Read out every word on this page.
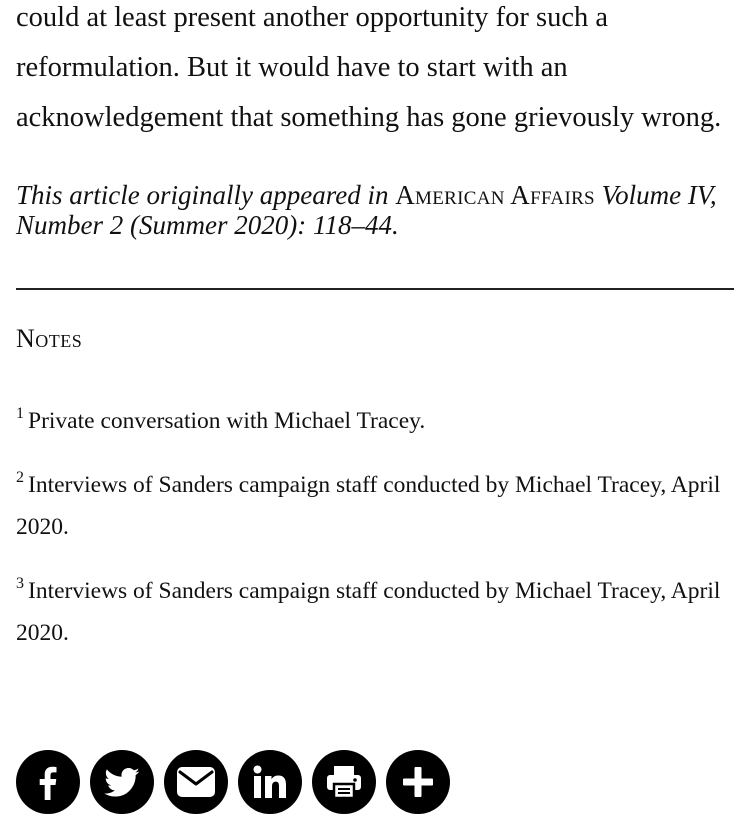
could at least present another opportunity for such a reformulation. But it would have to start with an acknowledgement that something has gone grievously wrong.

This article originally appeared in American Affairs Volume IV, Number 2 (Summer 2020): 118–44.

Notes
$^1$ Private conversation with Michael Tracey.
$^2$ Interviews of Sanders campaign staff conducted by Michael Tracey, April 2020.
$^3$ Interviews of Sanders campaign staff conducted by Michael Tracey, April 2020.
